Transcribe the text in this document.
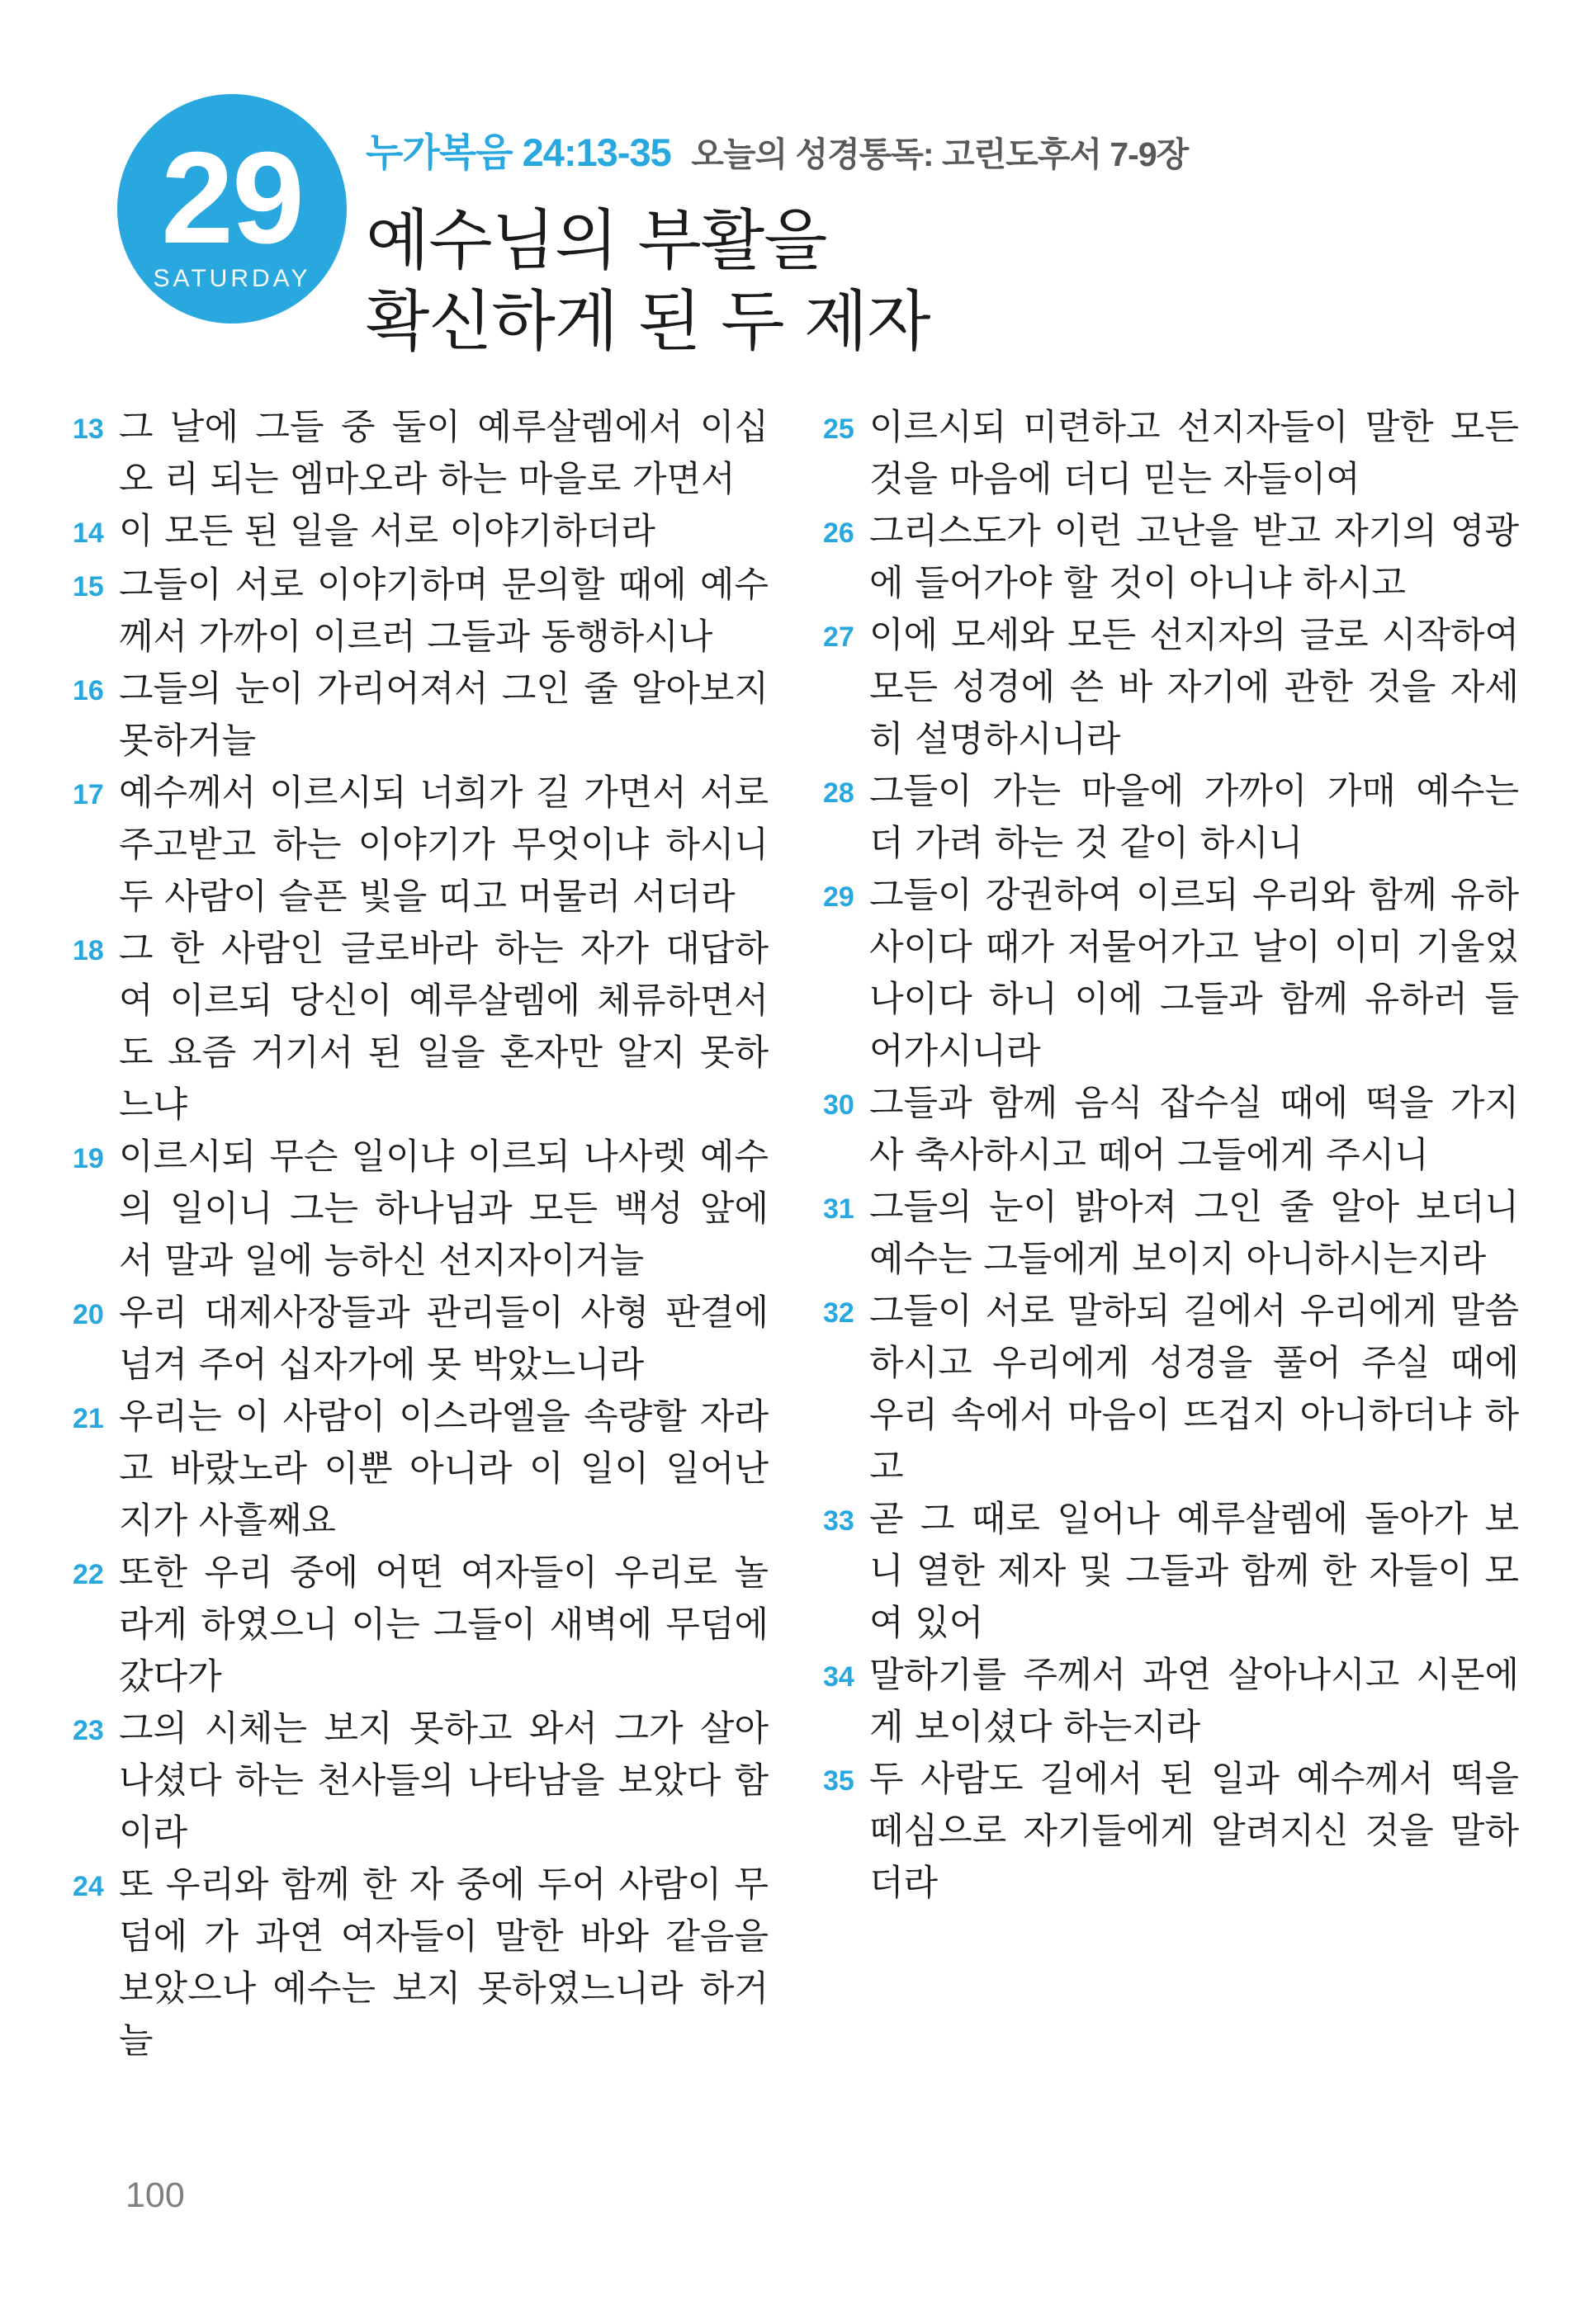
29
SATURDAY
누가복음 24:13-35 오늘의 성경통독: 고린도후서 7-9장
예수님의 부활을
확신하게 된 두 제자
13 그 날에 그들 중 둘이 예루살렘에서 이십오 리 되는 엠마오라 하는 마을로 가면서
14 이 모든 된 일을 서로 이야기하더라
15 그들이 서로 이야기하며 문의할 때에 예수께서 가까이 이르러 그들과 동행하시나
16 그들의 눈이 가리어져서 그인 줄 알아보지 못하거늘
17 예수께서 이르시되 너희가 길 가면서 서로 주고받고 하는 이야기가 무엇이냐 하시니 두 사람이 슬픈 빛을 띠고 머물러 서더라
18 그 한 사람인 글로바라 하는 자가 대답하여 이르되 당신이 예루살렘에 체류하면서도 요즘 거기서 된 일을 혼자만 알지 못하느냐
19 이르시되 무슨 일이냐 이르되 나사렛 예수의 일이니 그는 하나님과 모든 백성 앞에서 말과 일에 능하신 선지자이거늘
20 우리 대제사장들과 관리들이 사형 판결에 넘겨 주어 십자가에 못 박았느니라
21 우리는 이 사람이 이스라엘을 속량할 자라고 바랐노라 이뿐 아니라 이 일이 일어난 지가 사흘째요
22 또한 우리 중에 어떤 여자들이 우리로 놀라게 하였으니 이는 그들이 새벽에 무덤에 갔다가
23 그의 시체는 보지 못하고 와서 그가 살아나셨다 하는 천사들의 나타남을 보았다 함이라
24 또 우리와 함께 한 자 중에 두어 사람이 무덤에 가 과연 여자들이 말한 바와 같음을 보았으나 예수는 보지 못하였느니라 하거늘
25 이르시되 미련하고 선지자들이 말한 모든 것을 마음에 더디 믿는 자들이여
26 그리스도가 이런 고난을 받고 자기의 영광에 들어가야 할 것이 아니냐 하시고
27 이에 모세와 모든 선지자의 글로 시작하여 모든 성경에 쓴 바 자기에 관한 것을 자세히 설명하시니라
28 그들이 가는 마을에 가까이 가매 예수는 더 가려 하는 것 같이 하시니
29 그들이 강권하여 이르되 우리와 함께 유하사이다 때가 저물어가고 날이 이미 기울었나이다 하니 이에 그들과 함께 유하러 들어가시니라
30 그들과 함께 음식 잡수실 때에 떡을 가지사 축사하시고 떼어 그들에게 주시니
31 그들의 눈이 밝아져 그인 줄 알아 보더니 예수는 그들에게 보이지 아니하시는지라
32 그들이 서로 말하되 길에서 우리에게 말씀하시고 우리에게 성경을 풀어 주실 때에 우리 속에서 마음이 뜨겁지 아니하더냐 하고
33 곧 그 때로 일어나 예루살렘에 돌아가 보니 열한 제자 및 그들과 함께 한 자들이 모여 있어
34 말하기를 주께서 과연 살아나시고 시몬에게 보이셨다 하는지라
35 두 사람도 길에서 된 일과 예수께서 떡을 떼심으로 자기들에게 알려지신 것을 말하더라
100
